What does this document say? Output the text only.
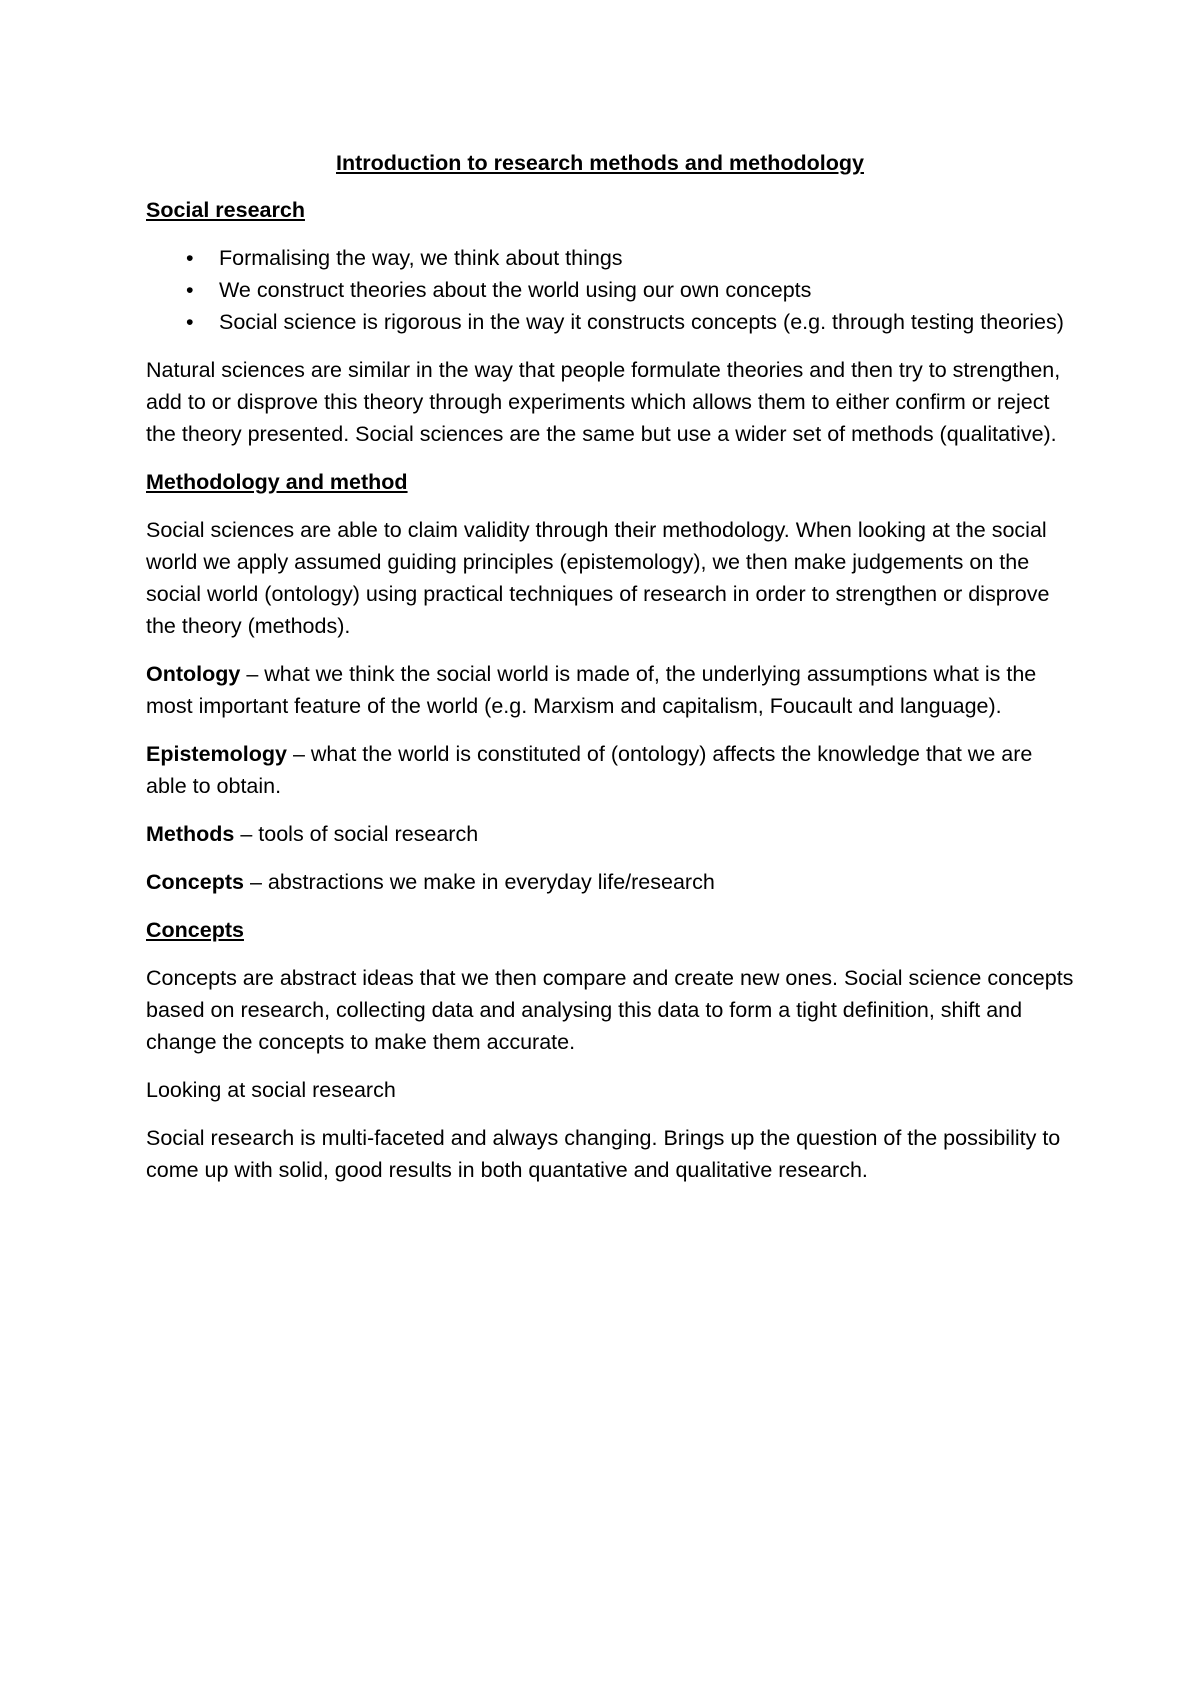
Introduction to research methods and methodology
Social research
• Formalising the way, we think about things
• We construct theories about the world using our own concepts
• Social science is rigorous in the way it constructs concepts (e.g. through testing theories)

Natural sciences are similar in the way that people formulate theories and then try to strengthen, add to or disprove this theory through experiments which allows them to either confirm or reject the theory presented. Social sciences are the same but use a wider set of methods (qualitative).

Methodology and method

Social sciences are able to claim validity through their methodology. When looking at the social world we apply assumed guiding principles (epistemology), we then make judgements on the social world (ontology) using practical techniques of research in order to strengthen or disprove the theory (methods).

Ontology – what we think the social world is made of, the underlying assumptions what is the most important feature of the world (e.g. Marxism and capitalism, Foucault and language).

Epistemology – what the world is constituted of (ontology) affects the knowledge that we are able to obtain.

Methods – tools of social research

Concepts – abstractions we make in everyday life/research

Concepts

Concepts are abstract ideas that we then compare and create new ones. Social science concepts based on research, collecting data and analysing this data to form a tight definition, shift and change the concepts to make them accurate.

Looking at social research

Social research is multi-faceted and always changing. Brings up the question of the possibility to come up with solid, good results in both quantative and qualitative research.
